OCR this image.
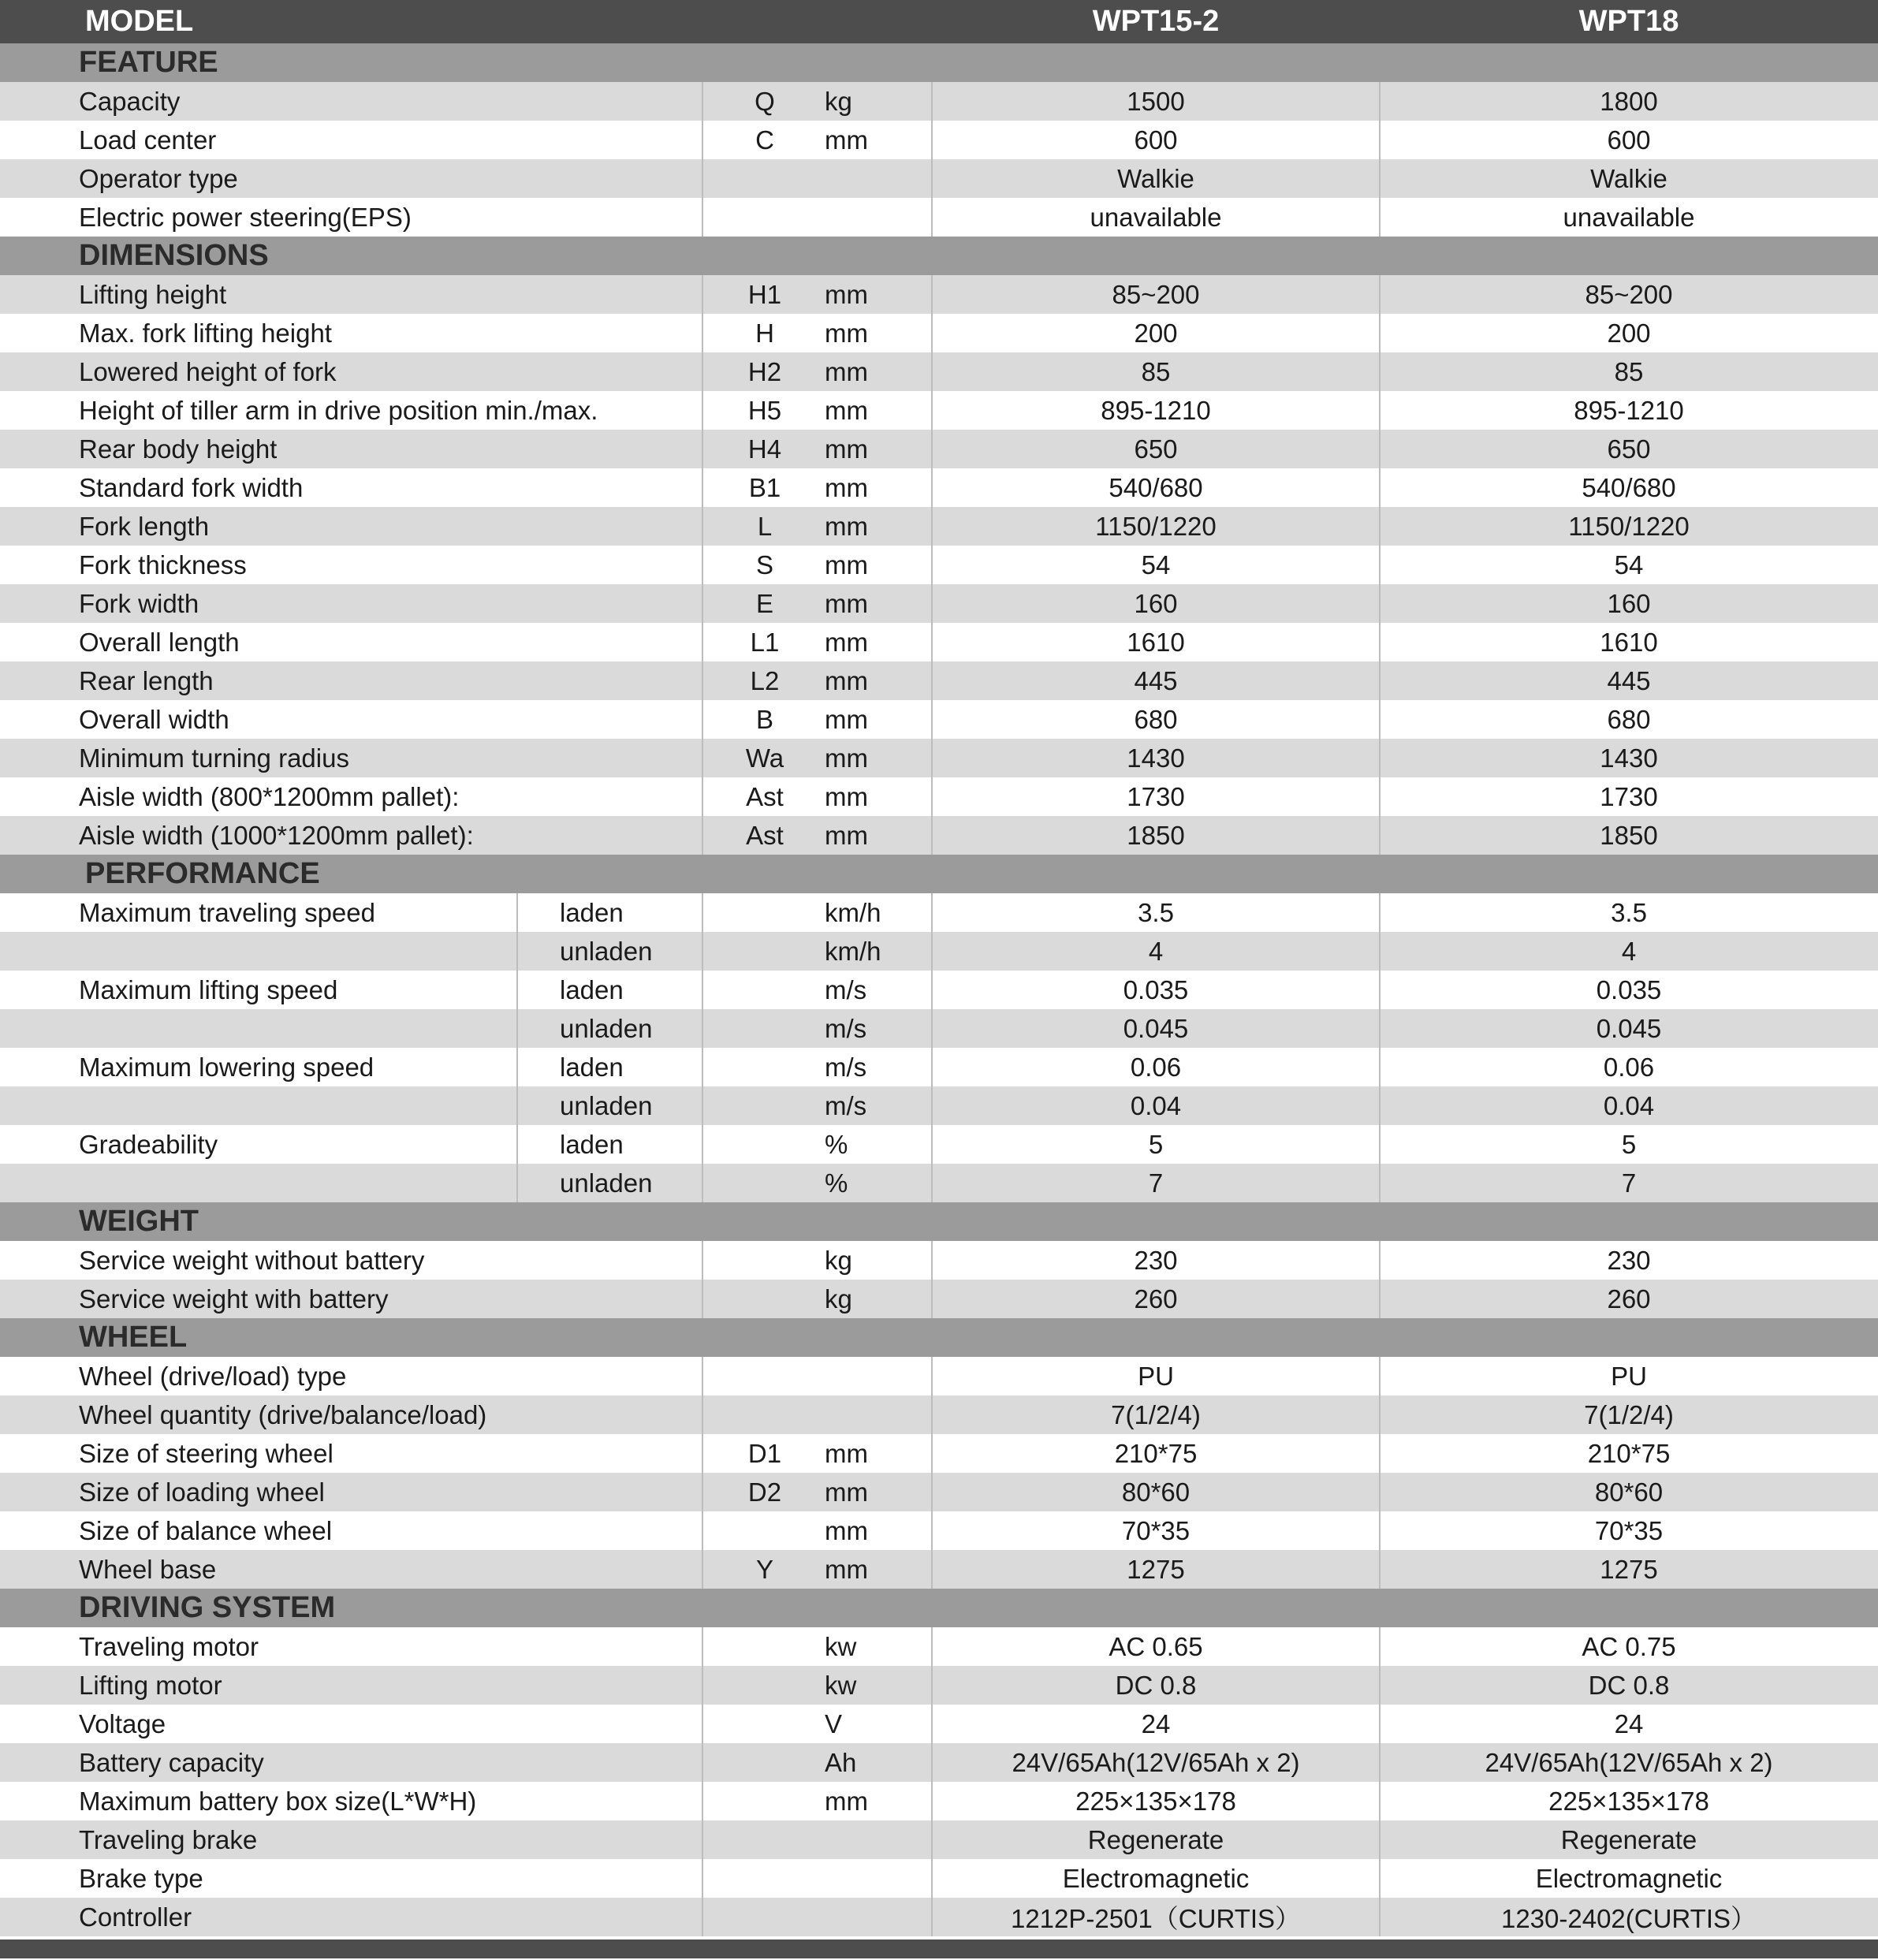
MODEL	WPT15-2	WPT18
FEATURE
Capacity	Q	kg	1500	1800
Load center	C	mm	600	600
Operator type	Walkie	Walkie
Electric power steering(EPS)	unavailable	unavailable
DIMENSIONS
Lifting height	H1	mm	85~200	85~200
Max. fork lifting height	H	mm	200	200
Lowered height of fork	H2	mm	85	85
Height of tiller arm in drive position min./max.	H5	mm	895-1210	895-1210
Rear body height	H4	mm	650	650
Standard fork width	B1	mm	540/680	540/680
Fork length	L	mm	1150/1220	1150/1220
Fork thickness	S	mm	54	54
Fork width	E	mm	160	160
Overall length	L1	mm	1610	1610
Rear length	L2	mm	445	445
Overall width	B	mm	680	680
Minimum turning radius	Wa	mm	1430	1430
Aisle width (800*1200mm pallet):	Ast	mm	1730	1730
Aisle width (1000*1200mm pallet):	Ast	mm	1850	1850
PERFORMANCE
Maximum traveling speed	laden	km/h	3.5	3.5
unladen	km/h	4	4
Maximum lifting speed	laden	m/s	0.035	0.035
unladen	m/s	0.045	0.045
Maximum lowering speed	laden	m/s	0.06	0.06
unladen	m/s	0.04	0.04
Gradeability	laden	%	5	5
unladen	%	7	7
WEIGHT
Service weight without battery	kg	230	230
Service weight with battery	kg	260	260
WHEEL
Wheel (drive/load) type	PU	PU
Wheel quantity (drive/balance/load)	7(1/2/4)	7(1/2/4)
Size of steering wheel	D1	mm	210*75	210*75
Size of loading wheel	D2	mm	80*60	80*60
Size of balance wheel	mm	70*35	70*35
Wheel base	Y	mm	1275	1275
DRIVING SYSTEM
Traveling motor	kw	AC 0.65	AC 0.75
Lifting motor	kw	DC 0.8	DC 0.8
Voltage	V	24	24
Battery capacity	Ah	24V/65Ah(12V/65Ah x 2)	24V/65Ah(12V/65Ah x 2)
Maximum battery box size(L*W*H)	mm	225×135×178	225×135×178
Traveling brake	Regenerate	Regenerate
Brake type	Electromagnetic	Electromagnetic
Controller	1212P-2501（CURTIS）	1230-2402(CURTIS）
